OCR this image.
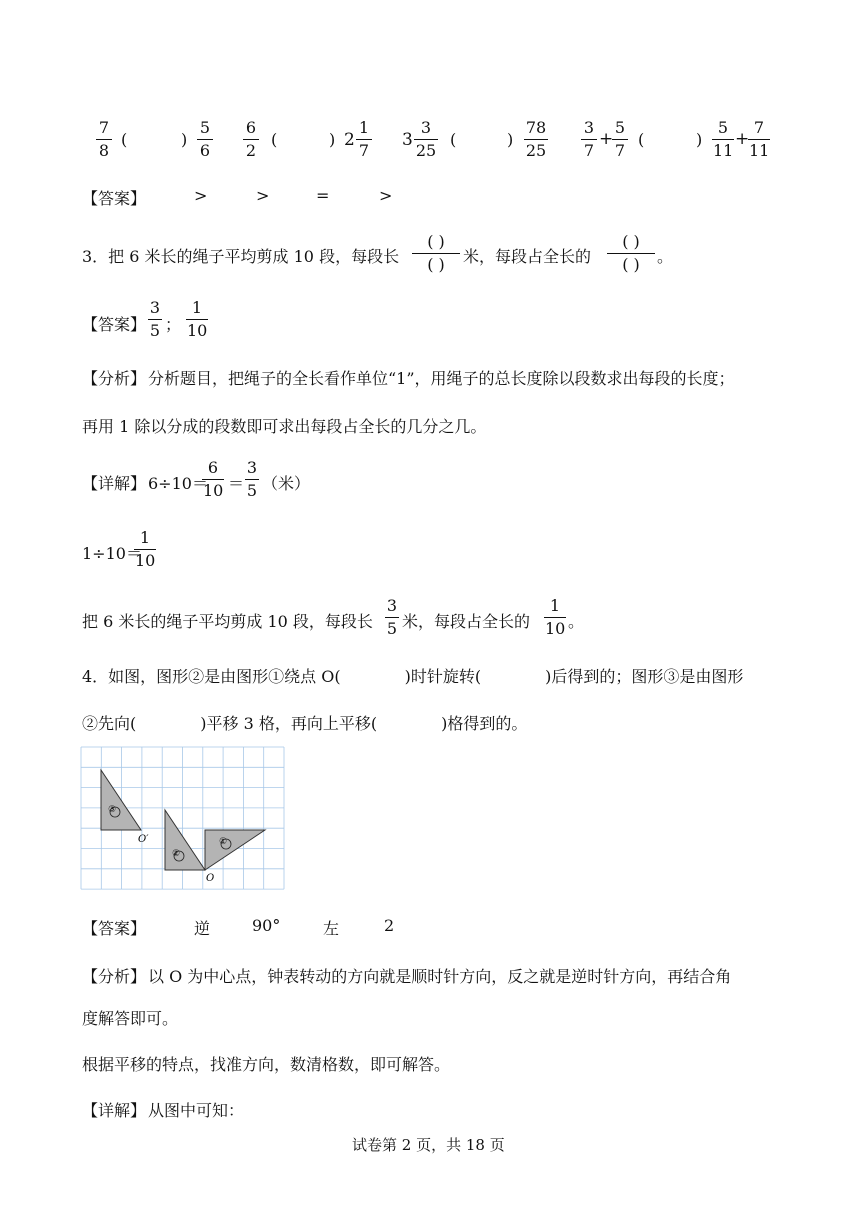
7
8
(	)
5
6
6
2
(	) 2
1
7
3
3
25
(	)
78
25
3
7
+
5
7
(	)
5
11
+
7
11
【答案】	>	>	=	>
3．把 6 米长的绳子平均剪成 10 段，每段长
( )
( )	米，每段占全长的
( )
( )	。
【答案】
3
5 ；
1
10
【分析】 分析题目，把绳子的全长看作单位“1”，用绳子的总长度除以段数求出每段的长度；
再用 1 除以分成的段数即可求出每段占全长的几分之几。
【详解】 6÷10＝
6
10 ＝
3
5 （米）
1÷10＝
1
10
把 6 米长的绳子平均剪成 10 段，每段长
3
5 米，每段占全长的
1
10 。
4．如图，图形②是由图形①绕点 O(　　　　)时针旋转(　　　　)后得到的；图形③是由图形
②先向(　　　　)平移 3 格，再向上平移(　　　　)格得到的。
O′
O
③
②
①
【答案】	逆	90°	左	2
【分析】 以 O 为中心点，钟表转动的方向就是顺时针方向，反之就是逆时针方向，再结合角
度解答即可。
根据平移的特点，找准方向，数清格数，即可解答。
【详解】 从图中可知：
试卷第 2 页，共 18 页
